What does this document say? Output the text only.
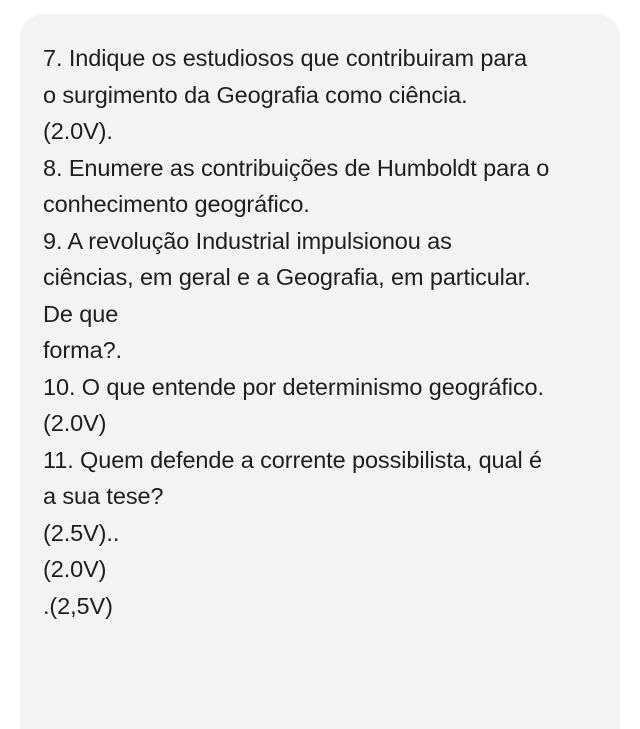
7. Indique os estudiosos que contribuiram para
o surgimento da Geografia como ciência.
(2.0V).
8. Enumere as contribuições de Humboldt para o
conhecimento geográfico.
9. A revolução Industrial impulsionou as
ciências, em geral e a Geografia, em particular.
De que
forma?.
10. O que entende por determinismo geográfico.
(2.0V)
11. Quem defende a corrente possibilista, qual é
a sua tese?
(2.5V)..
(2.0V)
.(2,5V)
